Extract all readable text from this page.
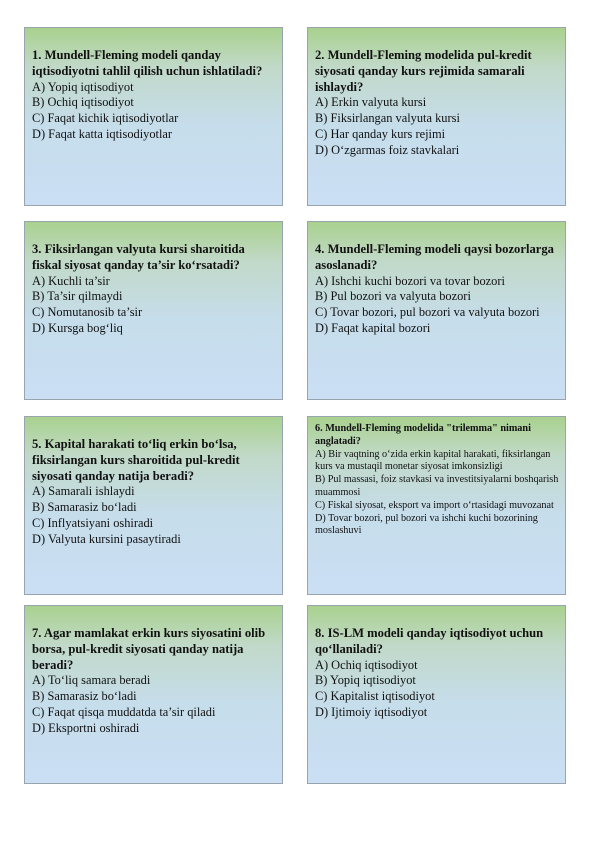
1. Mundell-Fleming modeli qanday iqtisodiyotni tahlil qilish uchun ishlatiladi?

A) Yopiq iqtisodiyot

B) Ochiq iqtisodiyot

C) Faqat kichik iqtisodiyotlar

D) Faqat katta iqtisodiyotlar

2. Mundell-Fleming modelida pul-kredit siyosati qanday kurs rejimida samarali ishlaydi?

A) Erkin valyuta kursi

B) Fiksirlangan valyuta kursi

C) Har qanday kurs rejimi

D) O‘zgarmas foiz stavkalari

3. Fiksirlangan valyuta kursi sharoitida fiskal siyosat qanday ta’sir ko‘rsatadi?

A) Kuchli ta’sir

B) Ta’sir qilmaydi

C) Nomutanosib ta’sir

D) Kursga bog‘liq

4. Mundell-Fleming modeli qaysi bozorlarga asoslanadi?

A) Ishchi kuchi bozori va tovar bozori

B) Pul bozori va valyuta bozori

C) Tovar bozori, pul bozori va valyuta bozori

D) Faqat kapital bozori

5. Kapital harakati to‘liq erkin bo‘lsa, fiksirlangan kurs sharoitida pul-kredit siyosati qanday natija beradi?

A) Samarali ishlaydi

B) Samarasiz bo‘ladi

C) Inflyatsiyani oshiradi

D) Valyuta kursini pasaytiradi

6. Mundell-Fleming modelida "trilemma" nimani anglatadi?

A) Bir vaqtning o‘zida erkin kapital harakati, fiksirlangan kurs va mustaqil monetar siyosat imkonsizligi

B) Pul massasi, foiz stavkasi va investitsiyalarni boshqarish muammosi

C) Fiskal siyosat, eksport va import o‘rtasidagi muvozanat

D) Tovar bozori, pul bozori va ishchi kuchi bozorining moslashuvi

7. Agar mamlakat erkin kurs siyosatini olib borsa, pul-kredit siyosati qanday natija beradi?

A) To‘liq samara beradi

B) Samarasiz bo‘ladi

C) Faqat qisqa muddatda ta’sir qiladi

D) Eksportni oshiradi

8. IS-LM modeli qanday iqtisodiyot uchun qo‘llaniladi?

A) Ochiq iqtisodiyot

B) Yopiq iqtisodiyot

C) Kapitalist iqtisodiyot

D) Ijtimoiy iqtisodiyot
